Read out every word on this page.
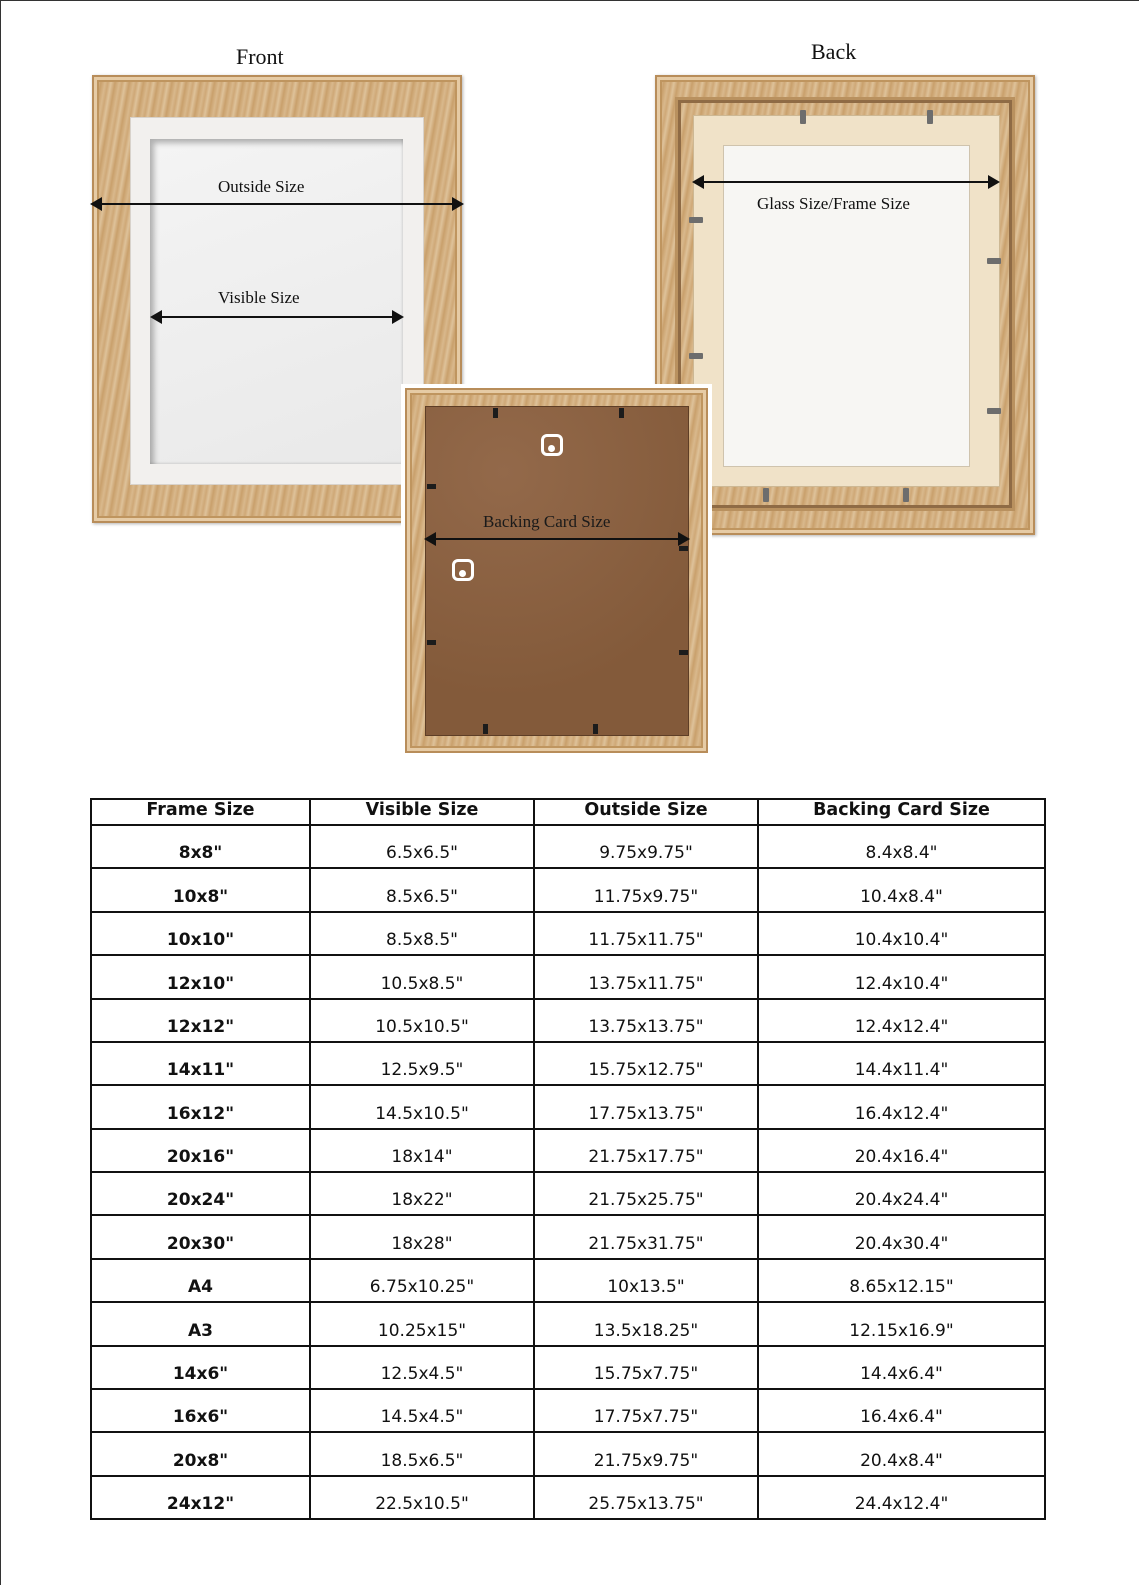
Front	Back
Outside Size
Visible Size
Glass Size/Frame Size
Backing Card Size
Frame Size	Visible Size	Outside Size	Backing Card Size
8x8"	6.5x6.5"	9.75x9.75"	8.4x8.4"
10x8"	8.5x6.5"	11.75x9.75"	10.4x8.4"
10x10"	8.5x8.5"	11.75x11.75"	10.4x10.4"
12x10"	10.5x8.5"	13.75x11.75"	12.4x10.4"
12x12"	10.5x10.5"	13.75x13.75"	12.4x12.4"
14x11"	12.5x9.5"	15.75x12.75"	14.4x11.4"
16x12"	14.5x10.5"	17.75x13.75"	16.4x12.4"
20x16"	18x14"	21.75x17.75"	20.4x16.4"
20x24"	18x22"	21.75x25.75"	20.4x24.4"
20x30"	18x28"	21.75x31.75"	20.4x30.4"
A4	6.75x10.25"	10x13.5"	8.65x12.15"
A3	10.25x15"	13.5x18.25"	12.15x16.9"
14x6"	12.5x4.5"	15.75x7.75"	14.4x6.4"
16x6"	14.5x4.5"	17.75x7.75"	16.4x6.4"
20x8"	18.5x6.5"	21.75x9.75"	20.4x8.4"
24x12"	22.5x10.5"	25.75x13.75"	24.4x12.4"
